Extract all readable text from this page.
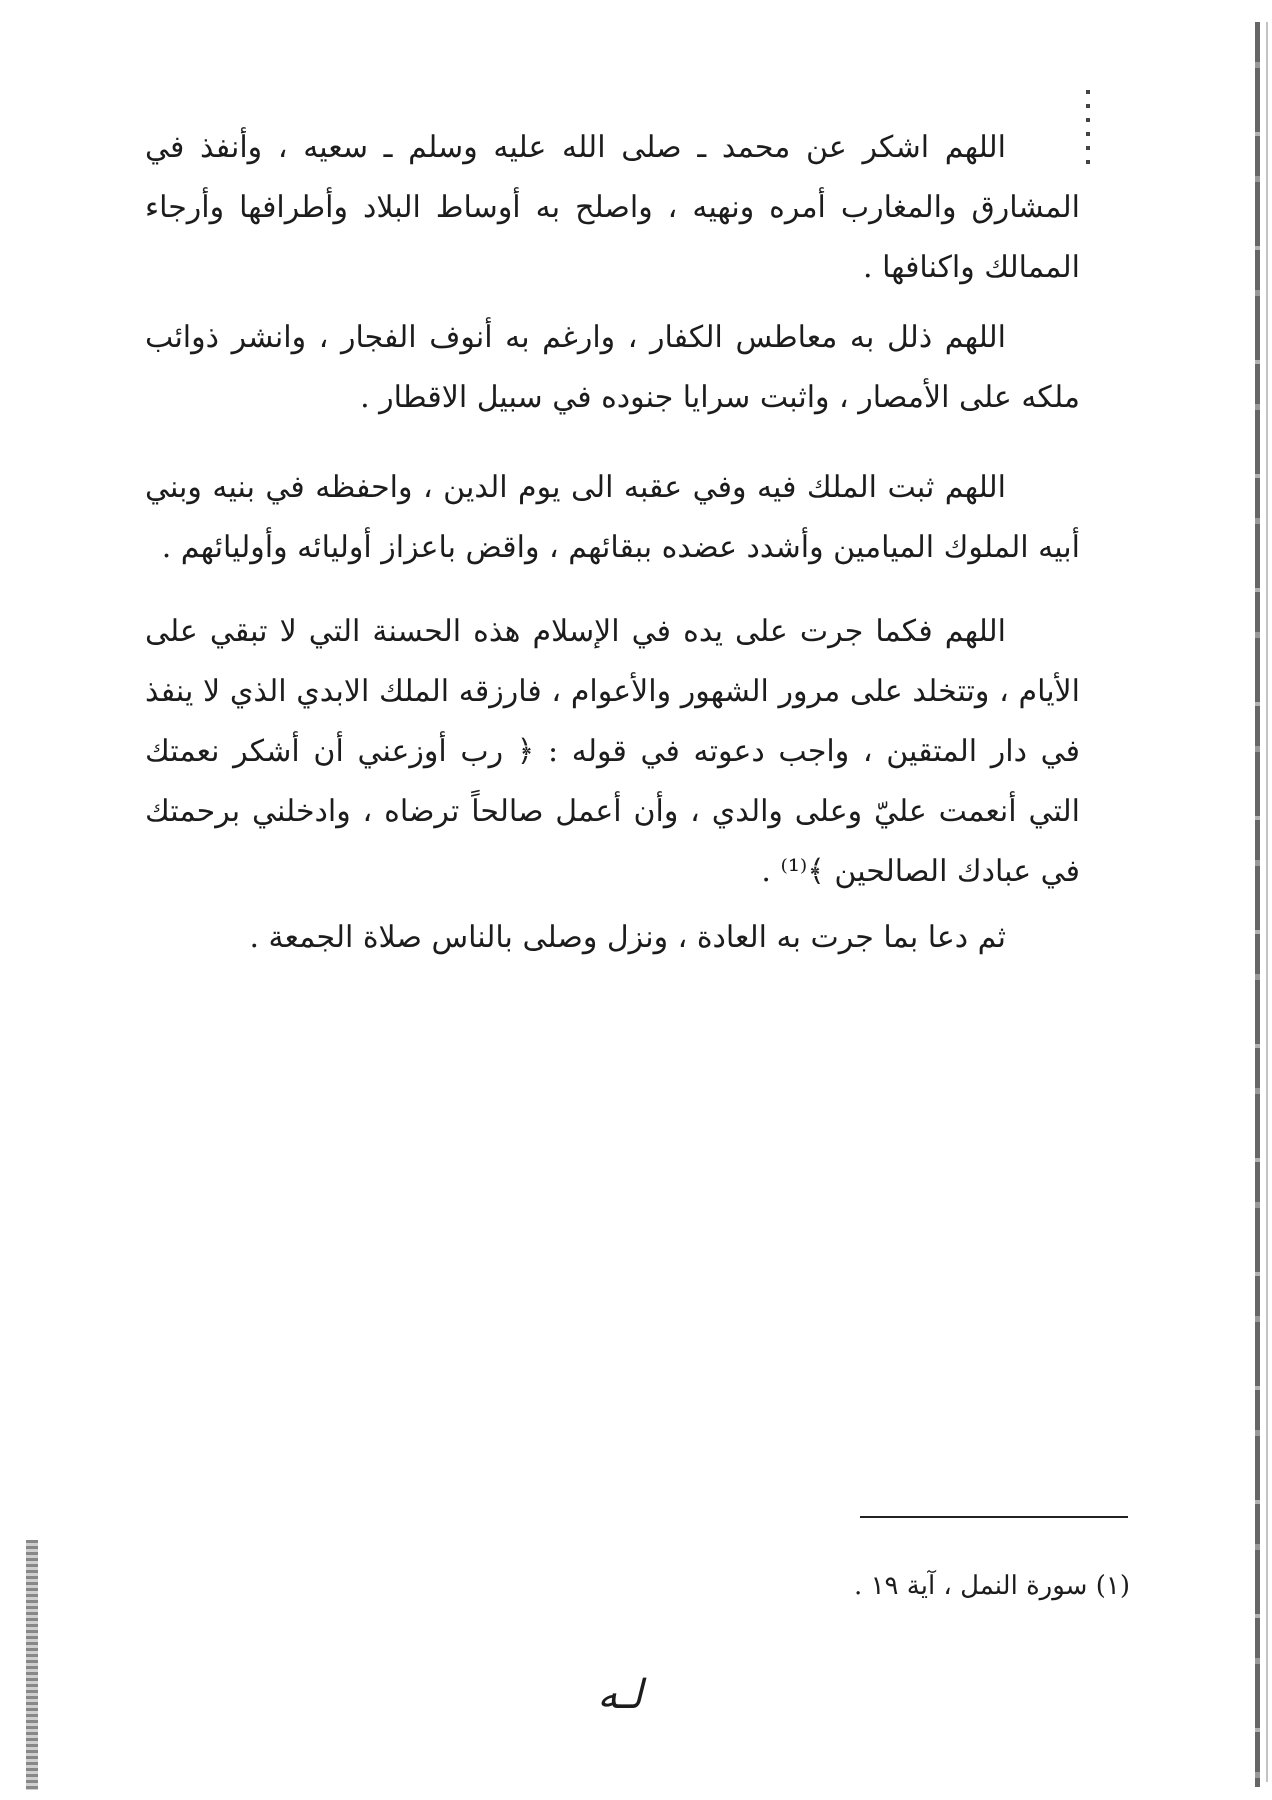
اللهم اشكر عن محمد ـ صلى الله عليه وسلم ـ سعيه ، وأنفذ في المشارق والمغارب أمره ونهيه ، واصلح به أوساط البلاد وأطرافها وأرجاء الممالك واكنافها .

اللهم ذلل به معاطس الكفار ، وارغم به أنوف الفجار ، وانشر ذوائب ملكه على الأمصار ، واثبت سرايا جنوده في سبيل الاقطار .

اللهم ثبت الملك فيه وفي عقبه الى يوم الدين ، واحفظه في بنيه وبني أبيه الملوك الميامين وأشدد عضده ببقائهم ، واقض باعزاز أوليائه وأوليائهم .

اللهم فكما جرت على يده في الإسلام هذه الحسنة التي لا تبقي على الأيام ، وتتخلد على مرور الشهور والأعوام ، فارزقه الملك الابدي الذي لا ينفذ في دار المتقين ، واجب دعوته في قوله : ﴿ رب أوزعني أن أشكر نعمتك التي أنعمت عليّ وعلى والدي ، وأن أعمل صالحاً ترضاه ، وادخلني برحمتك في عبادك الصالحين ﴾⁽¹⁾ .

ثم دعا بما جرت به العادة ، ونزل وصلى بالناس صلاة الجمعة .

(١) سورة النمل ، آية ١٩ .
لـه
